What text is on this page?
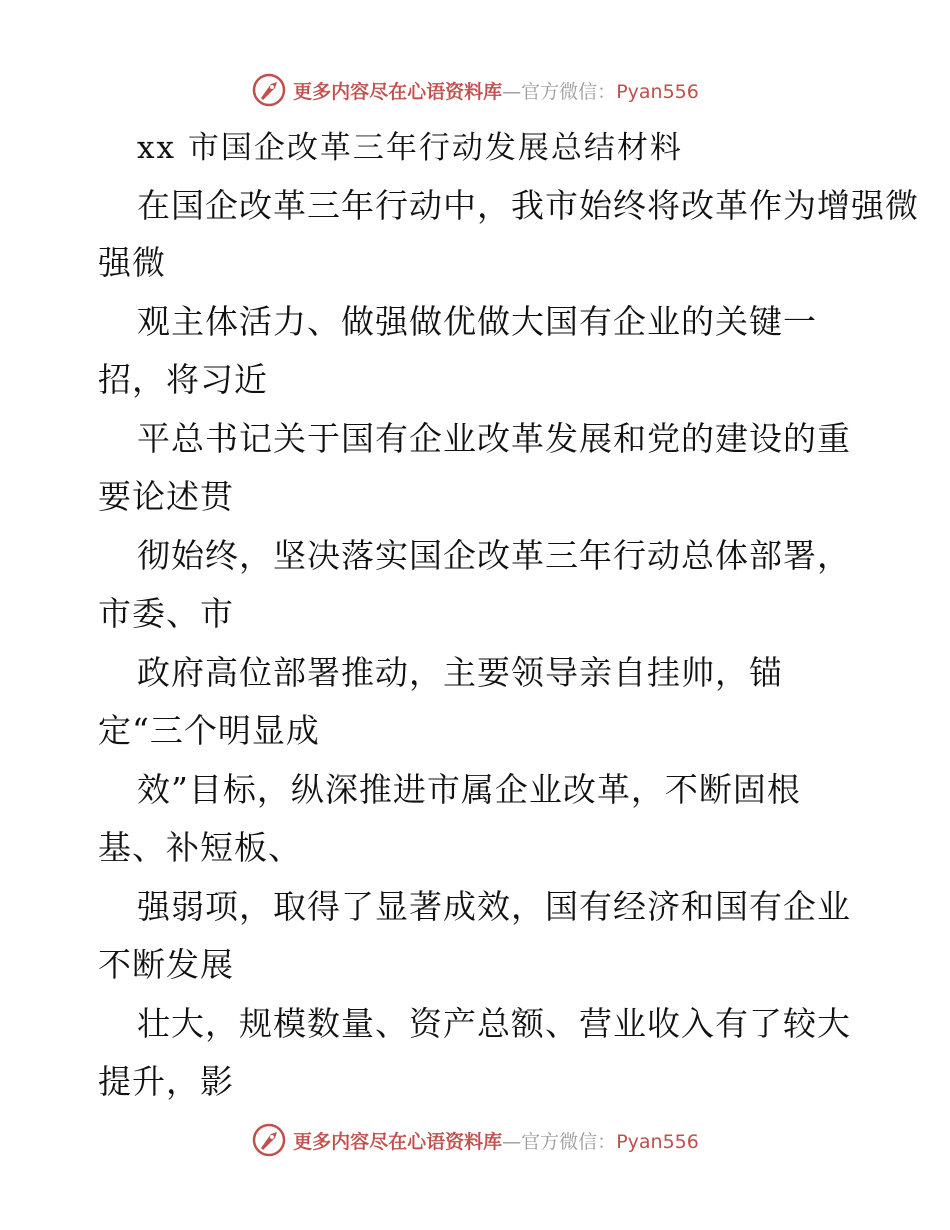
更多内容尽在心语资料库—官方微信：Pyan556
xx 市国企改革三年行动发展总结材料
在国企改革三年行动中，我市始终将改革作为增强微
强微
观主体活力、做强做优做大国有企业的关键一
招，将习近
平总书记关于国有企业改革发展和党的建设的重
要论述贯
彻始终，坚决落实国企改革三年行动总体部署，
市委、市
政府高位部署推动，主要领导亲自挂帅，锚
定“三个明显成
效”目标，纵深推进市属企业改革，不断固根
基、补短板、
强弱项，取得了显著成效，国有经济和国有企业
不断发展
壮大，规模数量、资产总额、营业收入有了较大
提升，影
更多内容尽在心语资料库—官方微信：Pyan556
